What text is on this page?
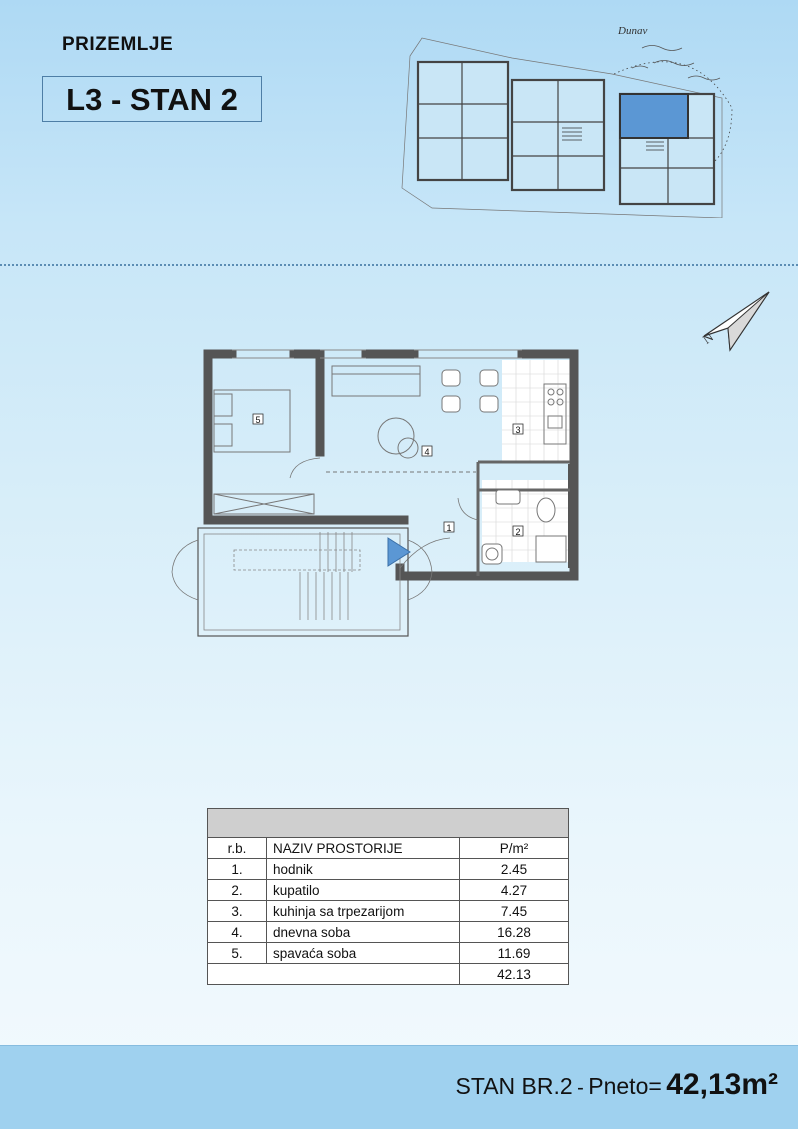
PRIZEMLJE
L3 - STAN 2
Dunav
N
5
4
3
2
1

r.b.	NAZIV PROSTORIJE	P/m²
1.	hodnik	2.45
2.	kupatilo	4.27
3.	kuhinja sa trpezarijom	7.45
4.	dnevna soba	16.28
5.	spavaća soba	11.69
		42.13
STAN BR.2 - Pneto= 42,13m²
